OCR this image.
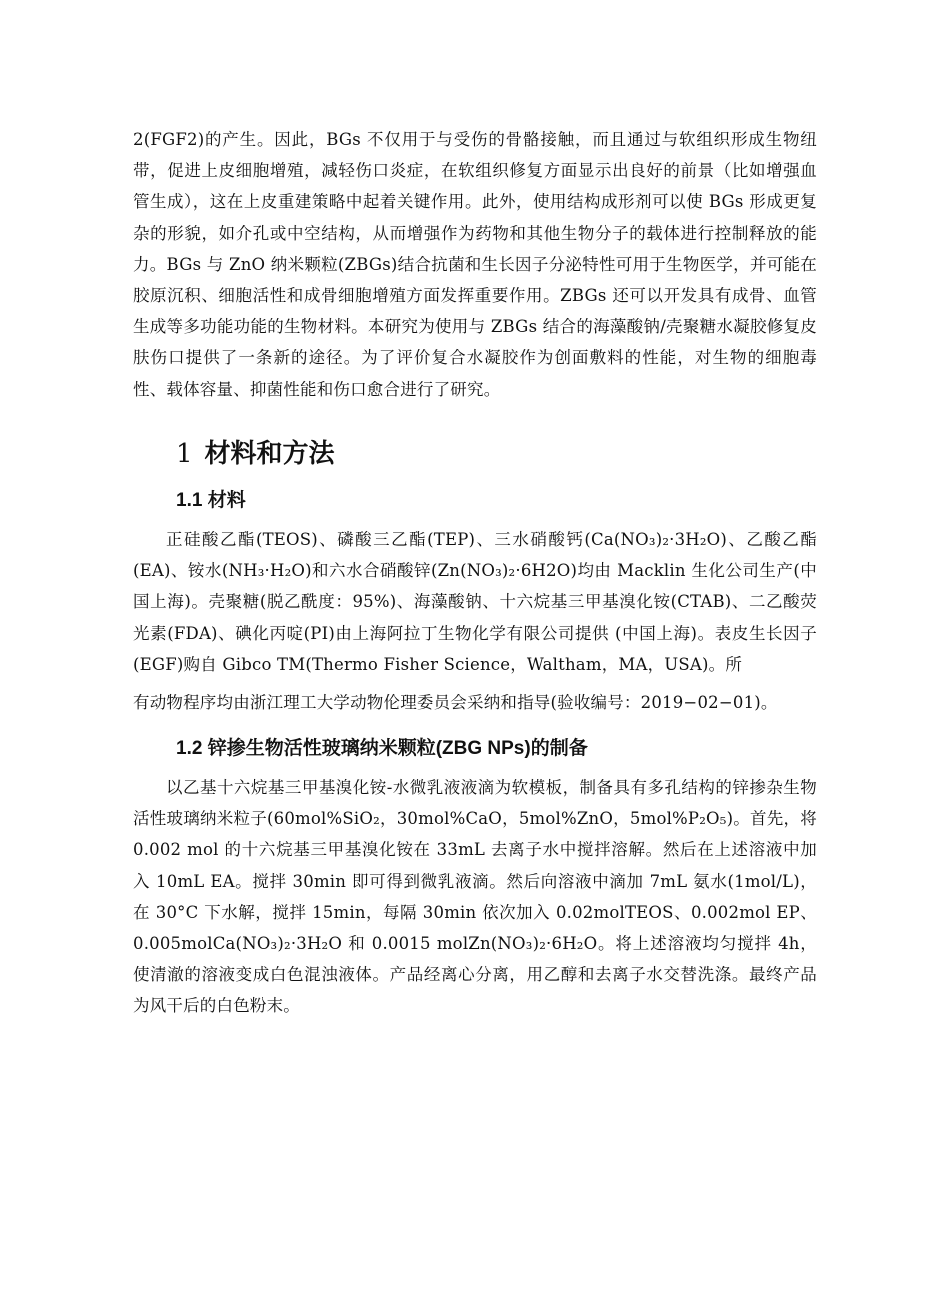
2(FGF2)的产生。因此，BGs 不仅用于与受伤的骨骼接触，而且通过与软组织形成生物纽带，促进上皮细胞增殖，减轻伤口炎症，在软组织修复方面显示出良好的前景（比如增强血管生成），这在上皮重建策略中起着关键作用。此外，使用结构成形剂可以使 BGs 形成更复杂的形貌，如介孔或中空结构，从而增强作为药物和其他生物分子的载体进行控制释放的能力。BGs 与 ZnO 纳米颗粒(ZBGs)结合抗菌和生长因子分泌特性可用于生物医学，并可能在胶原沉积、细胞活性和成骨细胞增殖方面发挥重要作用。ZBGs 还可以开发具有成骨、血管生成等多功能功能的生物材料。本研究为使用与 ZBGs 结合的海藻酸钠/壳聚糖水凝胶修复皮肤伤口提供了一条新的途径。为了评价复合水凝胶作为创面敷料的性能，对生物的细胞毒性、载体容量、抑菌性能和伤口愈合进行了研究。

1 材料和方法
1.1 材料

正硅酸乙酯(TEOS)、磷酸三乙酯(TEP)、三水硝酸钙(Ca(NO₃)₂·3H₂O)、乙酸乙酯(EA)、铵水(NH₃·H₂O)和六水合硝酸锌(Zn(NO₃)₂·6H2O)均由 Macklin 生化公司生产(中国上海)。壳聚糖(脱乙酰度：95%)、海藻酸钠、十六烷基三甲基溴化铵(CTAB)、二乙酸荧光素(FDA)、碘化丙啶(PI)由上海阿拉丁生物化学有限公司提供 (中国上海)。表皮生长因子(EGF)购自 Gibco TM(Thermo Fisher Science，Waltham，MA，USA)。所

有动物程序均由浙江理工大学动物伦理委员会采纳和指导(验收编号：2019−02−01)。

1.2 锌掺生物活性玻璃纳米颗粒(ZBG NPs)的制备

以乙基十六烷基三甲基溴化铵-水微乳液液滴为软模板，制备具有多孔结构的锌掺杂生物活性玻璃纳米粒子(60mol%SiO₂，30mol%CaO，5mol%ZnO，5mol%P₂O₅)。首先，将 0.002 mol 的十六烷基三甲基溴化铵在 33mL 去离子水中搅拌溶解。然后在上述溶液中加入 10mL EA。搅拌 30min 即可得到微乳液滴。然后向溶液中滴加 7mL 氨水(1mol/L)，在 30°C 下水解，搅拌 15min，每隔 30min 依次加入 0.02molTEOS、0.002mol EP、0.005molCa(NO₃)₂·3H₂O 和 0.0015 molZn(NO₃)₂·6H₂O。将上述溶液均匀搅拌 4h，使清澈的溶液变成白色混浊液体。产品经离心分离，用乙醇和去离子水交替洗涤。最终产品为风干后的白色粉末。
